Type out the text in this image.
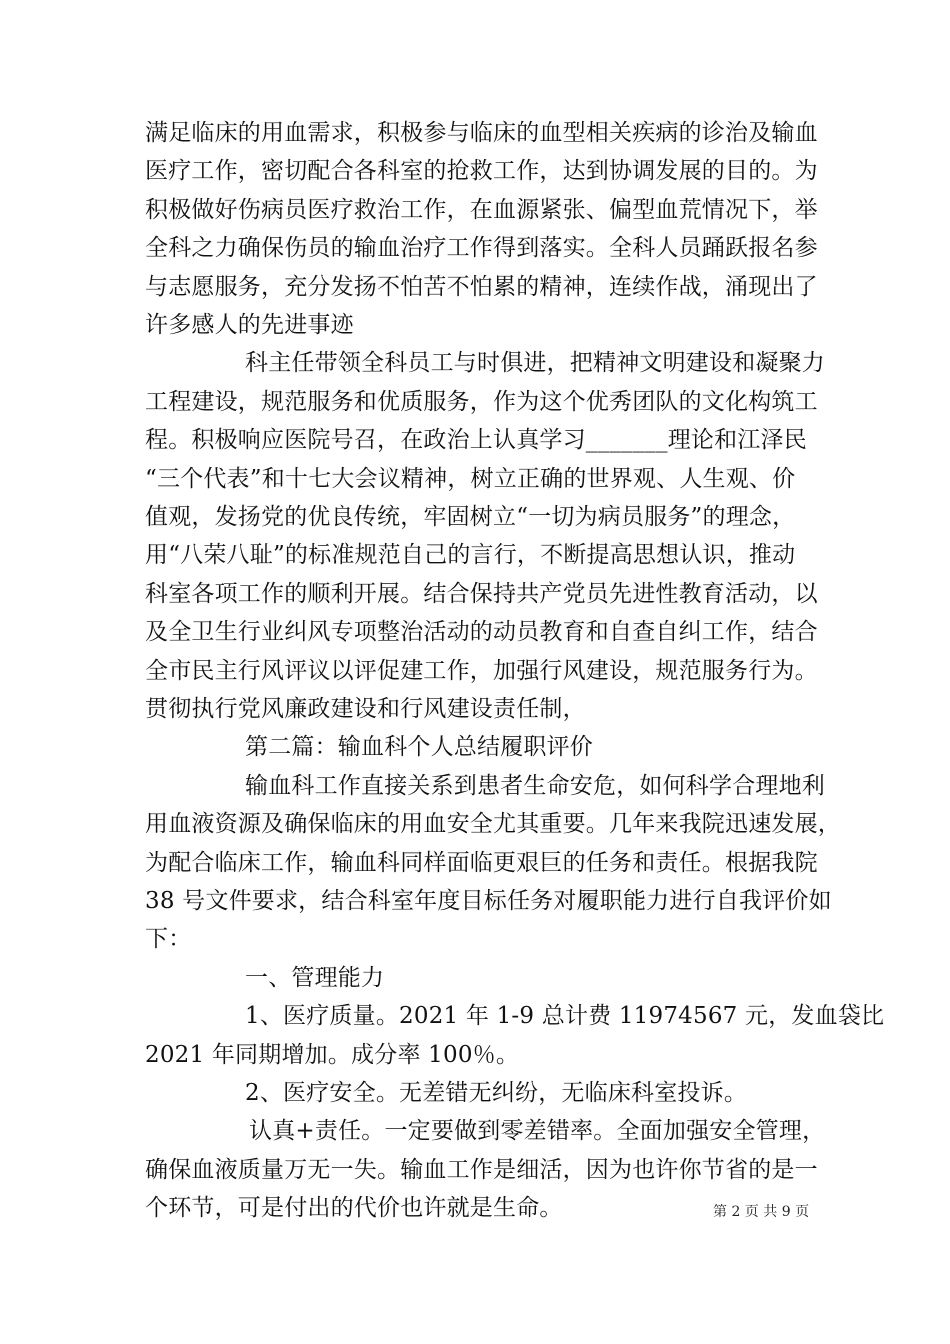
满足临床的用血需求，积极参与临床的血型相关疾病的诊治及输血
医疗工作，密切配合各科室的抢救工作，达到协调发展的目的。为
积极做好伤病员医疗救治工作，在血源紧张、偏型血荒情况下，举
全科之力确保伤员的输血治疗工作得到落实。全科人员踊跃报名参
与志愿服务，充分发扬不怕苦不怕累的精神，连续作战，涌现出了
许多感人的先进事迹
科主任带领全科员工与时俱进，把精神文明建设和凝聚力
工程建设，规范服务和优质服务，作为这个优秀团队的文化构筑工
程。积极响应医院号召，在政治上认真学习_______理论和江泽民
“三个代表”和十七大会议精神，树立正确的世界观、人生观、价
值观，发扬党的优良传统，牢固树立“一切为病员服务”的理念，
用“八荣八耻”的标准规范自己的言行，不断提高思想认识，推动
科室各项工作的顺利开展。结合保持共产党员先进性教育活动，以
及全卫生行业纠风专项整治活动的动员教育和自查自纠工作，结合
全市民主行风评议以评促建工作，加强行风建设，规范服务行为。
贯彻执行党风廉政建设和行风建设责任制，
第二篇：输血科个人总结履职评价
输血科工作直接关系到患者生命安危，如何科学合理地利
用血液资源及确保临床的用血安全尤其重要。几年来我院迅速发展，
为配合临床工作，输血科同样面临更艰巨的任务和责任。根据我院
38 号文件要求，结合科室年度目标任务对履职能力进行自我评价如
下：
一、管理能力
1、医疗质量。2021 年 1-9 总计费 11974567 元，发血袋比
2021 年同期增加。成分率 100％。
2、医疗安全。无差错无纠纷，无临床科室投诉。
认真+责任。一定要做到零差错率。全面加强安全管理，
确保血液质量万无一失。输血工作是细活，因为也许你节省的是一
个环节，可是付出的代价也许就是生命。	第 2 页 共 9 页
